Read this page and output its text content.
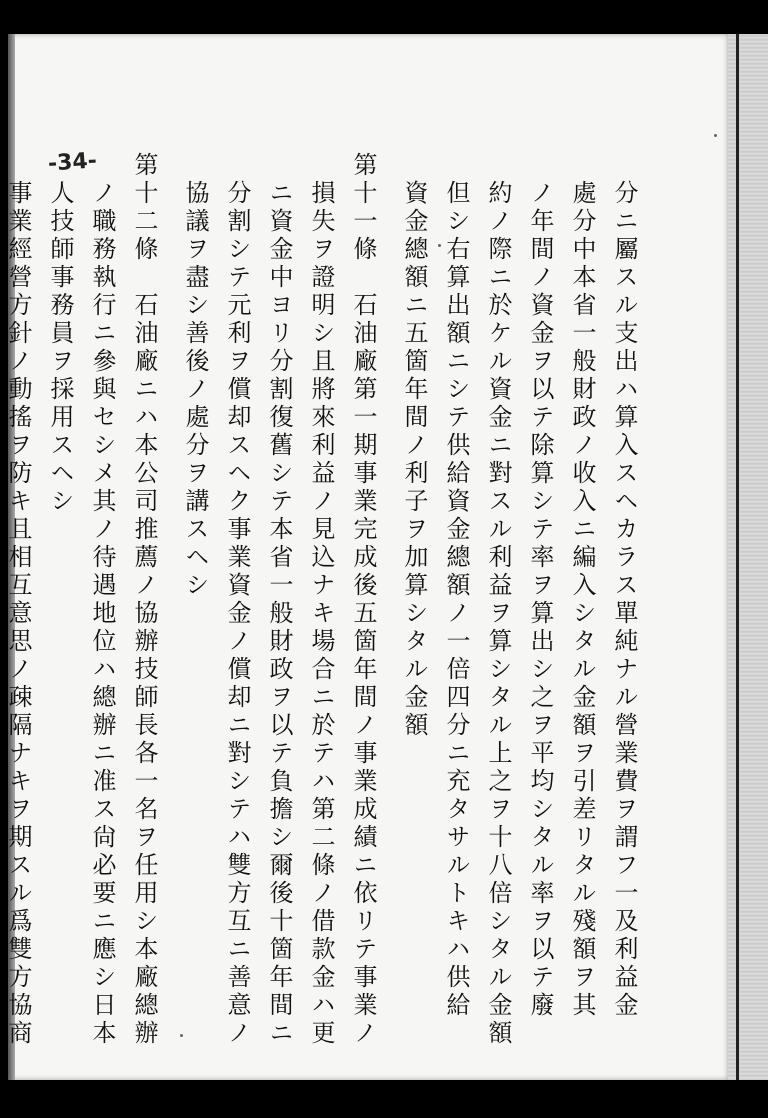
-34-
分ニ屬スル支出ハ算入スヘカラス單純ナル營業費ヲ謂フ一及利益金
處分中本省一般財政ノ收入ニ編入シタル金額ヲ引差リタル殘額ヲ其
ノ年間ノ資金ヲ以テ除算シテ率ヲ算出シ之ヲ平均シタル率ヲ以テ廢
約ノ際ニ於ケル資金ニ對スル利益ヲ算シタル上之ヲ十八倍シタル金額
但シ右算出額ニシテ供給資金總額ノ一倍四分ニ充タサルトキハ供給
資金總額ニ五箇年間ノ利子ヲ加算シタル金額
第十一條　石油廠第一期事業完成後五箇年間ノ事業成績ニ依リテ事業ノ
損失ヲ證明シ且將來利益ノ見込ナキ場合ニ於テハ第二條ノ借款金ハ更
ニ資金中ヨリ分割復舊シテ本省一般財政ヲ以テ負擔シ爾後十箇年間ニ
分割シテ元利ヲ償却スヘク事業資金ノ償却ニ對シテハ雙方互ニ善意ノ
協議ヲ盡シ善後ノ處分ヲ講スヘシ
第十二條　石油廠ニハ本公司推薦ノ協辦技師長各一名ヲ任用シ本廠總辦
ノ職務執行ニ參與セシメ其ノ待遇地位ハ總辦ニ准ス尙必要ニ應シ日本
人技師事務員ヲ採用スヘシ
事業經營方針ノ動搖ヲ防キ且相互意思ノ疎隔ナキヲ期スル爲雙方協商
